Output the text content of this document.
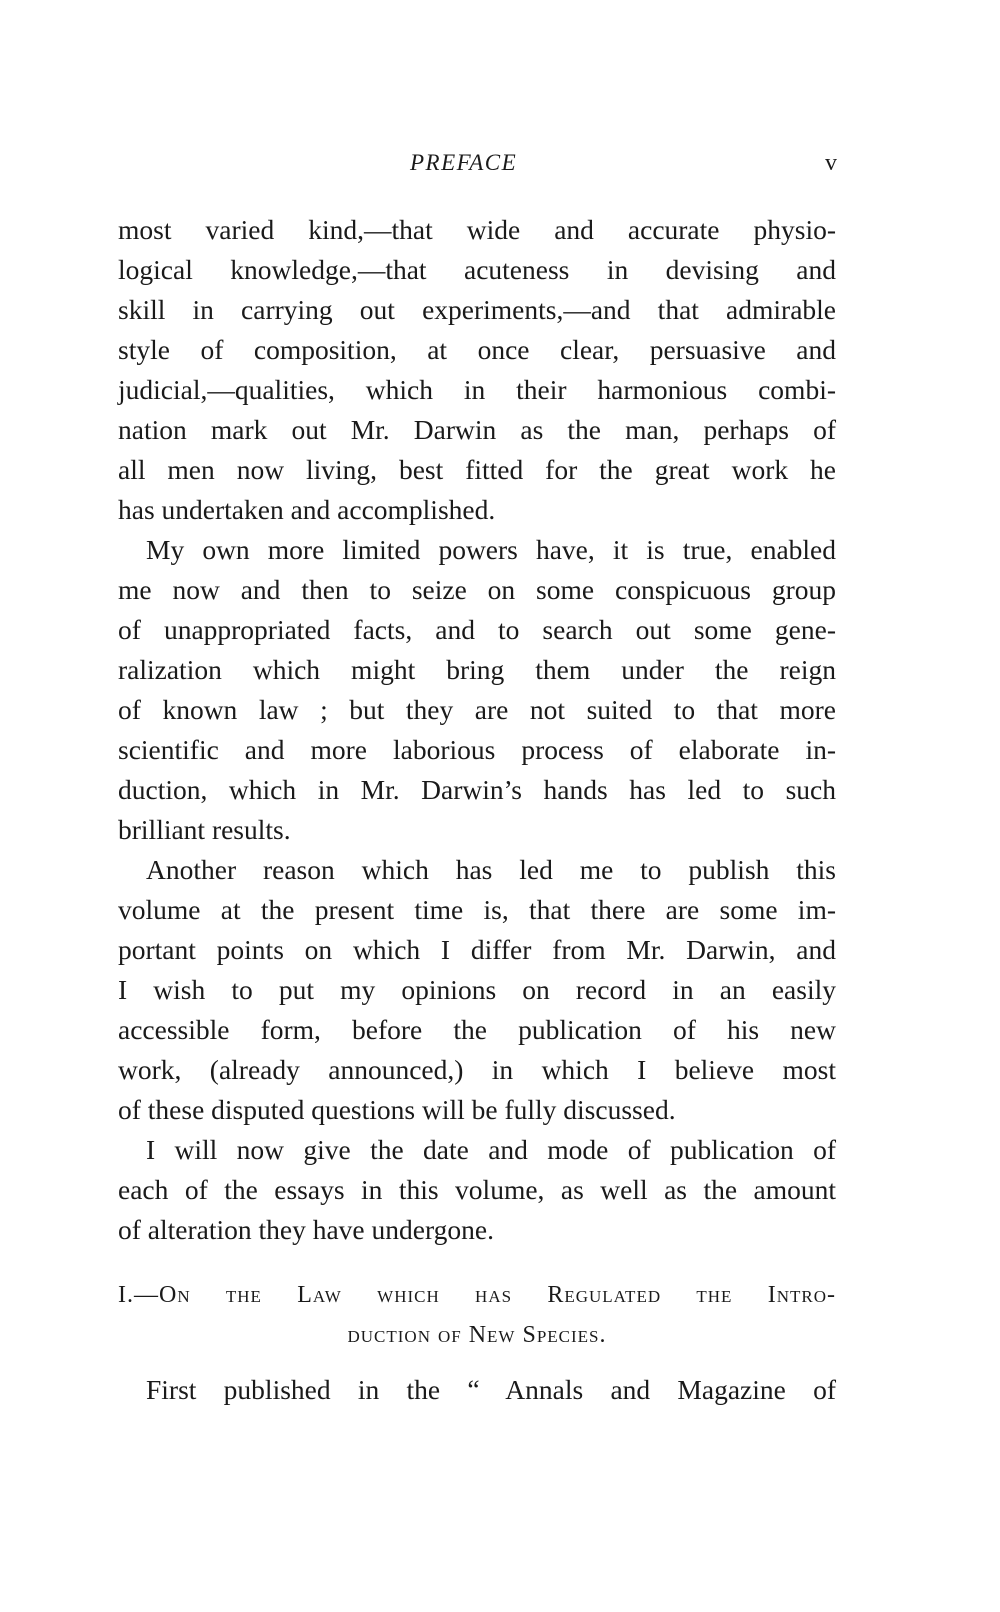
PREFACE	v
most varied kind,—that wide and accurate physio-
logical knowledge,—that acuteness in devising and
skill in carrying out experiments,—and that admirable
style of composition, at once clear, persuasive and
judicial,—qualities, which in their harmonious combi-
nation mark out Mr. Darwin as the man, perhaps of
all men now living, best fitted for the great work he
has undertaken and accomplished.
My own more limited powers have, it is true, enabled
me now and then to seize on some conspicuous group
of unappropriated facts, and to search out some gene-
ralization which might bring them under the reign
of known law ; but they are not suited to that more
scientific and more laborious process of elaborate in-
duction, which in Mr. Darwin’s hands has led to such
brilliant results.
Another reason which has led me to publish this
volume at the present time is, that there are some im-
portant points on which I differ from Mr. Darwin, and
I wish to put my opinions on record in an easily
accessible form, before the publication of his new
work, (already announced,) in which I believe most
of these disputed questions will be fully discussed.
I will now give the date and mode of publication of
each of the essays in this volume, as well as the amount
of alteration they have undergone.
I.—On the Law which has Regulated the Intro-
duction of New Species.
First published in the “ Annals and Magazine of
